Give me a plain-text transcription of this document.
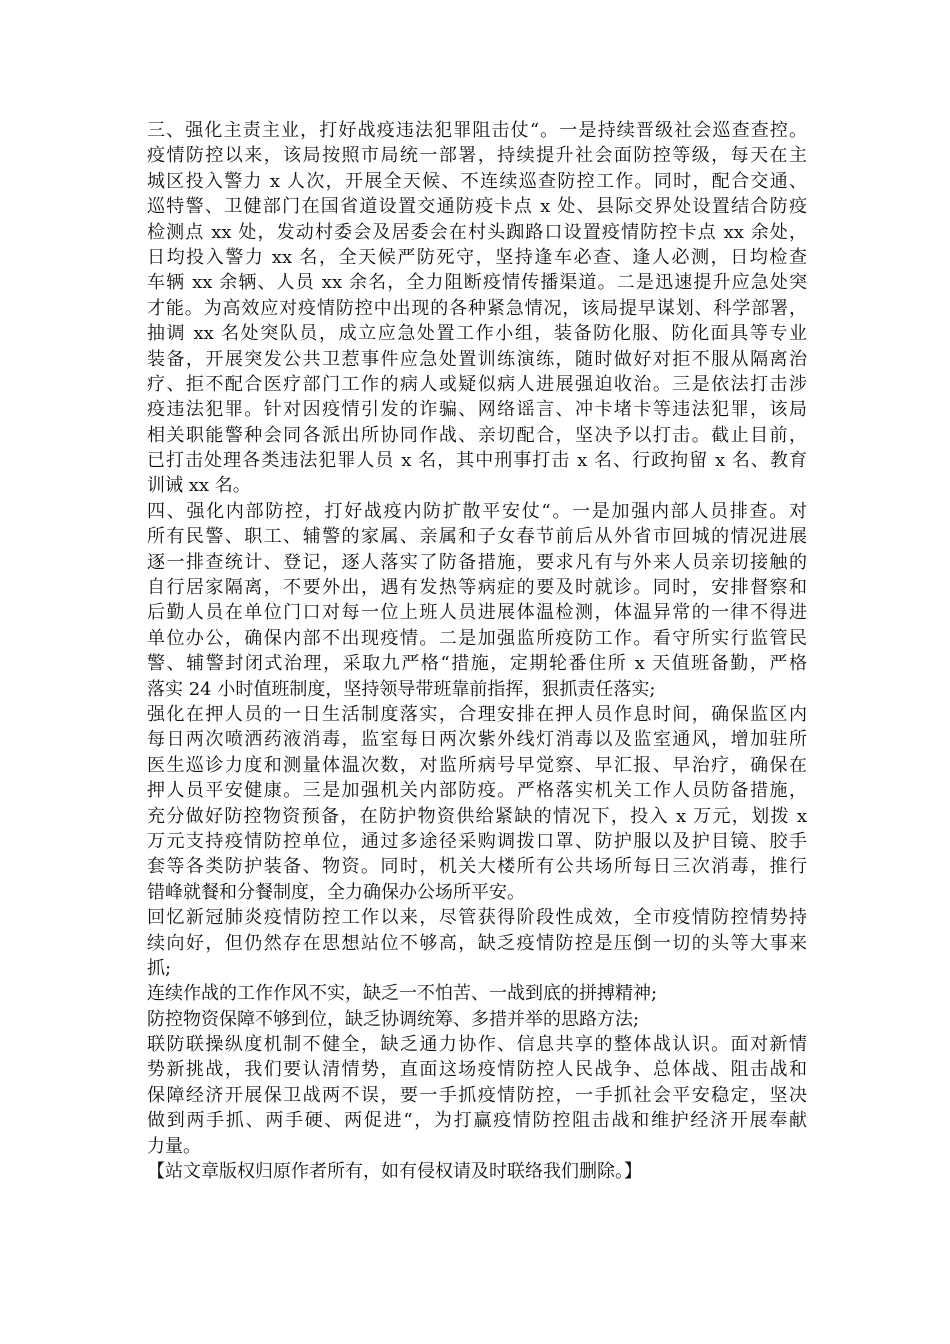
三、强化主责主业，打好战疫违法犯罪阻击仗“。一是持续晋级社会巡查查控。
疫情防控以来，该局按照市局统一部署，持续提升社会面防控等级，每天在主
城区投入警力 x 人次，开展全天候、不连续巡查防控工作。同时，配合交通、
巡特警、卫健部门在国省道设置交通防疫卡点 x 处、县际交界处设置结合防疫
检测点 xx 处，发动村委会及居委会在村头踟路口设置疫情防控卡点 xx 余处，
日均投入警力 xx 名，全天候严防死守，坚持逢车必查、逢人必测，日均检查
车辆 xx 余辆、人员 xx 余名，全力阻断疫情传播渠道。二是迅速提升应急处突
才能。为高效应对疫情防控中出现的各种紧急情况，该局提早谋划、科学部署，
抽调 xx 名处突队员，成立应急处置工作小组，装备防化服、防化面具等专业
装备，开展突发公共卫惹事件应急处置训练演练，随时做好对拒不服从隔离治
疗、拒不配合医疗部门工作的病人或疑似病人进展强迫收治。三是依法打击涉
疫违法犯罪。针对因疫情引发的诈骗、网络谣言、冲卡堵卡等违法犯罪，该局
相关职能警种会同各派出所协同作战、亲切配合，坚决予以打击。截止目前，
已打击处理各类违法犯罪人员 x 名，其中刑事打击 x 名、行政拘留 x 名、教育
训诫 xx 名。
四、强化内部防控，打好战疫内防扩散平安仗“。一是加强内部人员排查。对
所有民警、职工、辅警的家属、亲属和子女春节前后从外省市回城的情况进展
逐一排查统计、登记，逐人落实了防备措施，要求凡有与外来人员亲切接触的
自行居家隔离，不要外出，遇有发热等病症的要及时就诊。同时，安排督察和
后勤人员在单位门口对每一位上班人员进展体温检测，体温异常的一律不得进
单位办公，确保内部不出现疫情。二是加强监所疫防工作。看守所实行监管民
警、辅警封闭式治理，采取九严格“措施，定期轮番住所 x 天值班备勤，严格
落实 24 小时值班制度，坚持领导带班靠前指挥，狠抓责任落实;
强化在押人员的一日生活制度落实，合理安排在押人员作息时间，确保监区内
每日两次喷洒药液消毒，监室每日两次紫外线灯消毒以及监室通风，增加驻所
医生巡诊力度和测量体温次数，对监所病号早觉察、早汇报、早治疗，确保在
押人员平安健康。三是加强机关内部防疫。严格落实机关工作人员防备措施，
充分做好防控物资预备，在防护物资供给紧缺的情况下，投入 x 万元，划拨 x
万元支持疫情防控单位，通过多途径采购调拨口罩、防护服以及护目镜、胶手
套等各类防护装备、物资。同时，机关大楼所有公共场所每日三次消毒，推行
错峰就餐和分餐制度，全力确保办公场所平安。
回忆新冠肺炎疫情防控工作以来，尽管获得阶段性成效，全市疫情防控情势持
续向好，但仍然存在思想站位不够高，缺乏疫情防控是压倒一切的头等大事来
抓;
连续作战的工作作风不实，缺乏一不怕苦、一战到底的拼搏精神;
防控物资保障不够到位，缺乏协调统筹、多措并举的思路方法;
联防联操纵度机制不健全，缺乏通力协作、信息共享的整体战认识。面对新情
势新挑战，我们要认清情势，直面这场疫情防控人民战争、总体战、阻击战和
保障经济开展保卫战两不误，要一手抓疫情防控，一手抓社会平安稳定，坚决
做到两手抓、两手硬、两促进“，为打赢疫情防控阻击战和维护经济开展奉献
力量。
【站文章版权归原作者所有，如有侵权请及时联络我们删除。】
